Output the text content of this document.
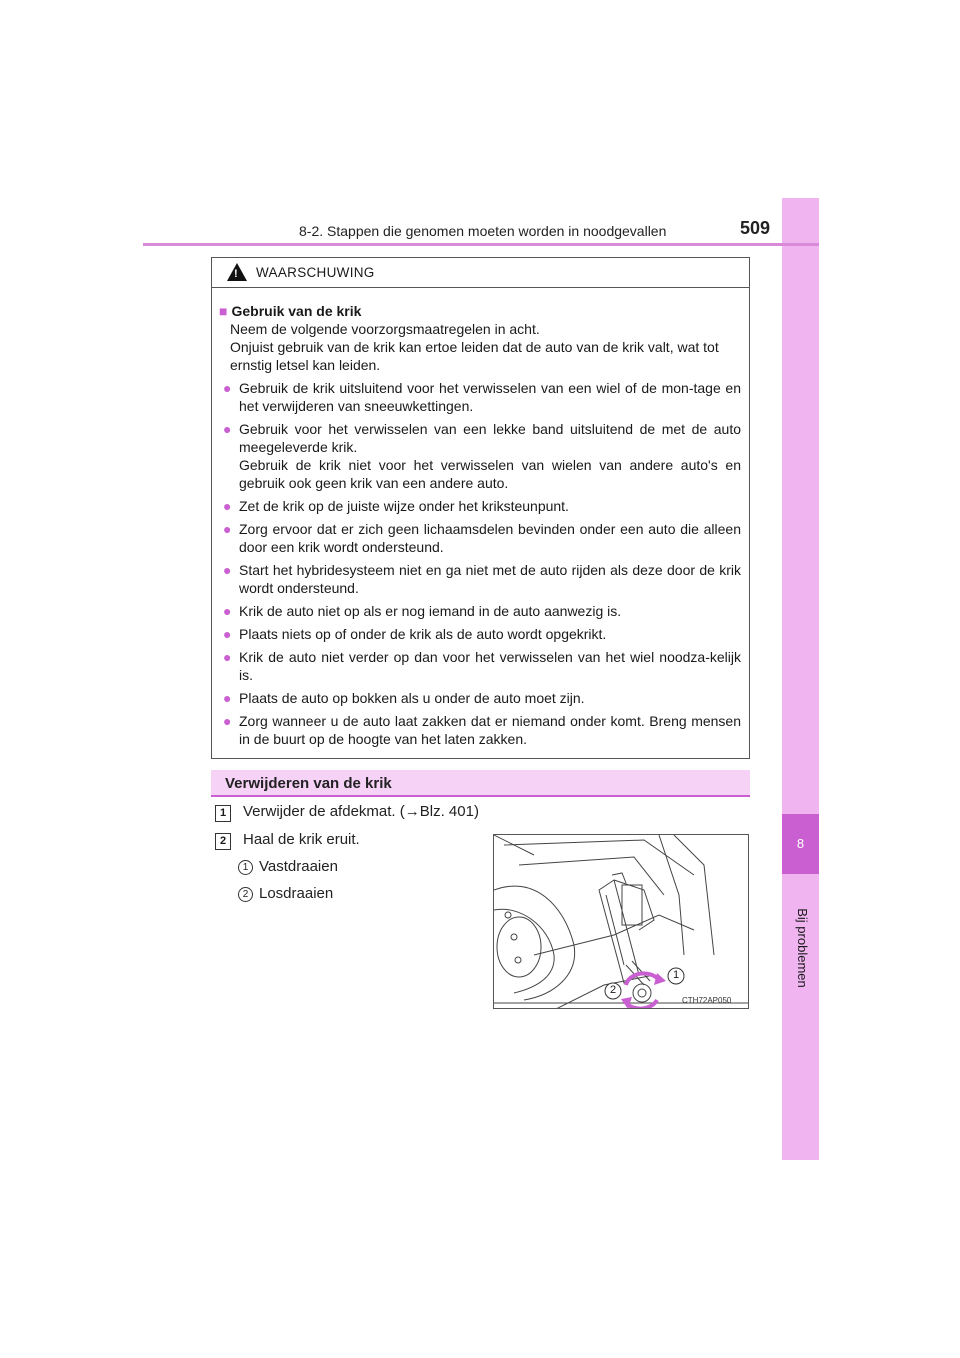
8
Bij problemen
8-2. Stappen die genomen moeten worden in noodgevallen	509
!
WAARSCHUWING
■ Gebruik van de krik
Neem de volgende voorzorgsmaatregelen in acht.
Onjuist gebruik van de krik kan ertoe leiden dat de auto van de krik valt, wat tot ernstig letsel kan leiden.
● Gebruik de krik uitsluitend voor het verwisselen van een wiel of de mon-tage en het verwijderen van sneeuwkettingen.
● Gebruik voor het verwisselen van een lekke band uitsluitend de met de auto meegeleverde krik.
Gebruik de krik niet voor het verwisselen van wielen van andere auto's en gebruik ook geen krik van een andere auto.
● Zet de krik op de juiste wijze onder het kriksteunpunt.
● Zorg ervoor dat er zich geen lichaamsdelen bevinden onder een auto die alleen door een krik wordt ondersteund.
● Start het hybridesysteem niet en ga niet met de auto rijden als deze door de krik wordt ondersteund.
● Krik de auto niet op als er nog iemand in de auto aanwezig is.
● Plaats niets op of onder de krik als de auto wordt opgekrikt.
● Krik de auto niet verder op dan voor het verwisselen van het wiel noodza-kelijk is.
● Plaats de auto op bokken als u onder de auto moet zijn.
● Zorg wanneer u de auto laat zakken dat er niemand onder komt. Breng mensen in de buurt op de hoogte van het laten zakken.
Verwijderen van de krik
1	Verwijder de afdekmat. (→Blz. 401)
2	Haal de krik eruit.
1 Vastdraaien
2 Losdraaien
1
2
CTH72AP050
